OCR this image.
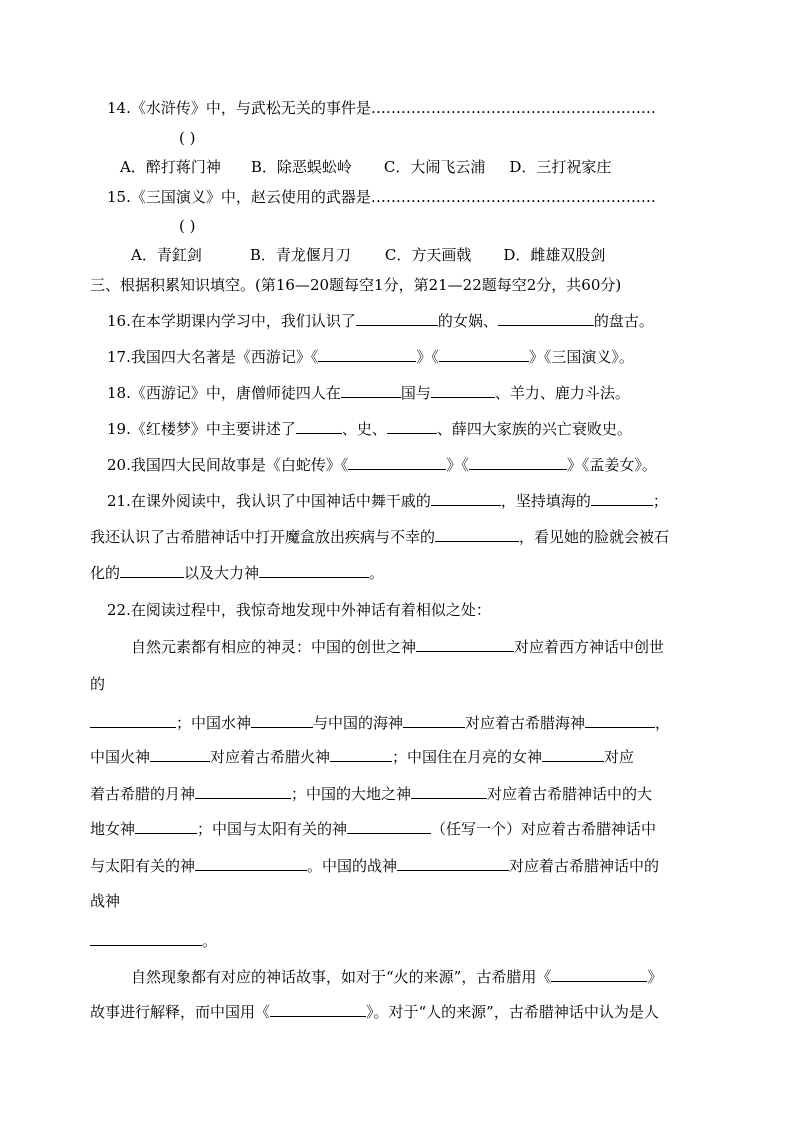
14.《水浒传》中，与武松无关的事件是…………………………………………………
( )
A．醉打蒋门神 B．除恶蜈蚣岭 C．大闹飞云浦 D．三打祝家庄
15.《三国演义》中，赵云使用的武器是…………………………………………………
( )
A．青釭剑	B．青龙偃月刀 C．方天画戟 D．雌雄双股剑
三、根据积累知识填空。(第16—20题每空1分，第21—22题每空2分，共60分)
16.在本学期课内学习中，我们认识了	的女娲、	的盘古。
17.我国四大名著是《西游记》《	》《	》《三国演义》。
18.《西游记》中，唐僧师徒四人在	国与	、羊力、鹿力斗法。
19.《红楼梦》中主要讲述了	、史、	、薛四大家族的兴亡衰败史。
20.我国四大民间故事是《白蛇传》《	》《	》《孟姜女》。
21.在课外阅读中，我认识了中国神话中舞干戚的	，坚持填海的	；
我还认识了古希腊神话中打开魔盒放出疾病与不幸的	，看见她的脸就会被石
化的	以及大力神	。
22.在阅读过程中，我惊奇地发现中外神话有着相似之处：
自然元素都有相应的神灵：中国的创世之神	对应着西方神话中创世
的
；中国水神	与中国的海神	对应着古希腊海神	，
中国火神	对应着古希腊火神	；中国住在月亮的女神	对应
着古希腊的月神	；中国的大地之神	对应着古希腊神话中的大
地女神	；中国与太阳有关的神	（任写一个）对应着古希腊神话中
与太阳有关的神	。中国的战神	对应着古希腊神话中的
战神
。
自然现象都有对应的神话故事，如对于“火的来源”，古希腊用《	》
故事进行解释，而中国用《	》。对于“人的来源”，古希腊神话中认为是人
